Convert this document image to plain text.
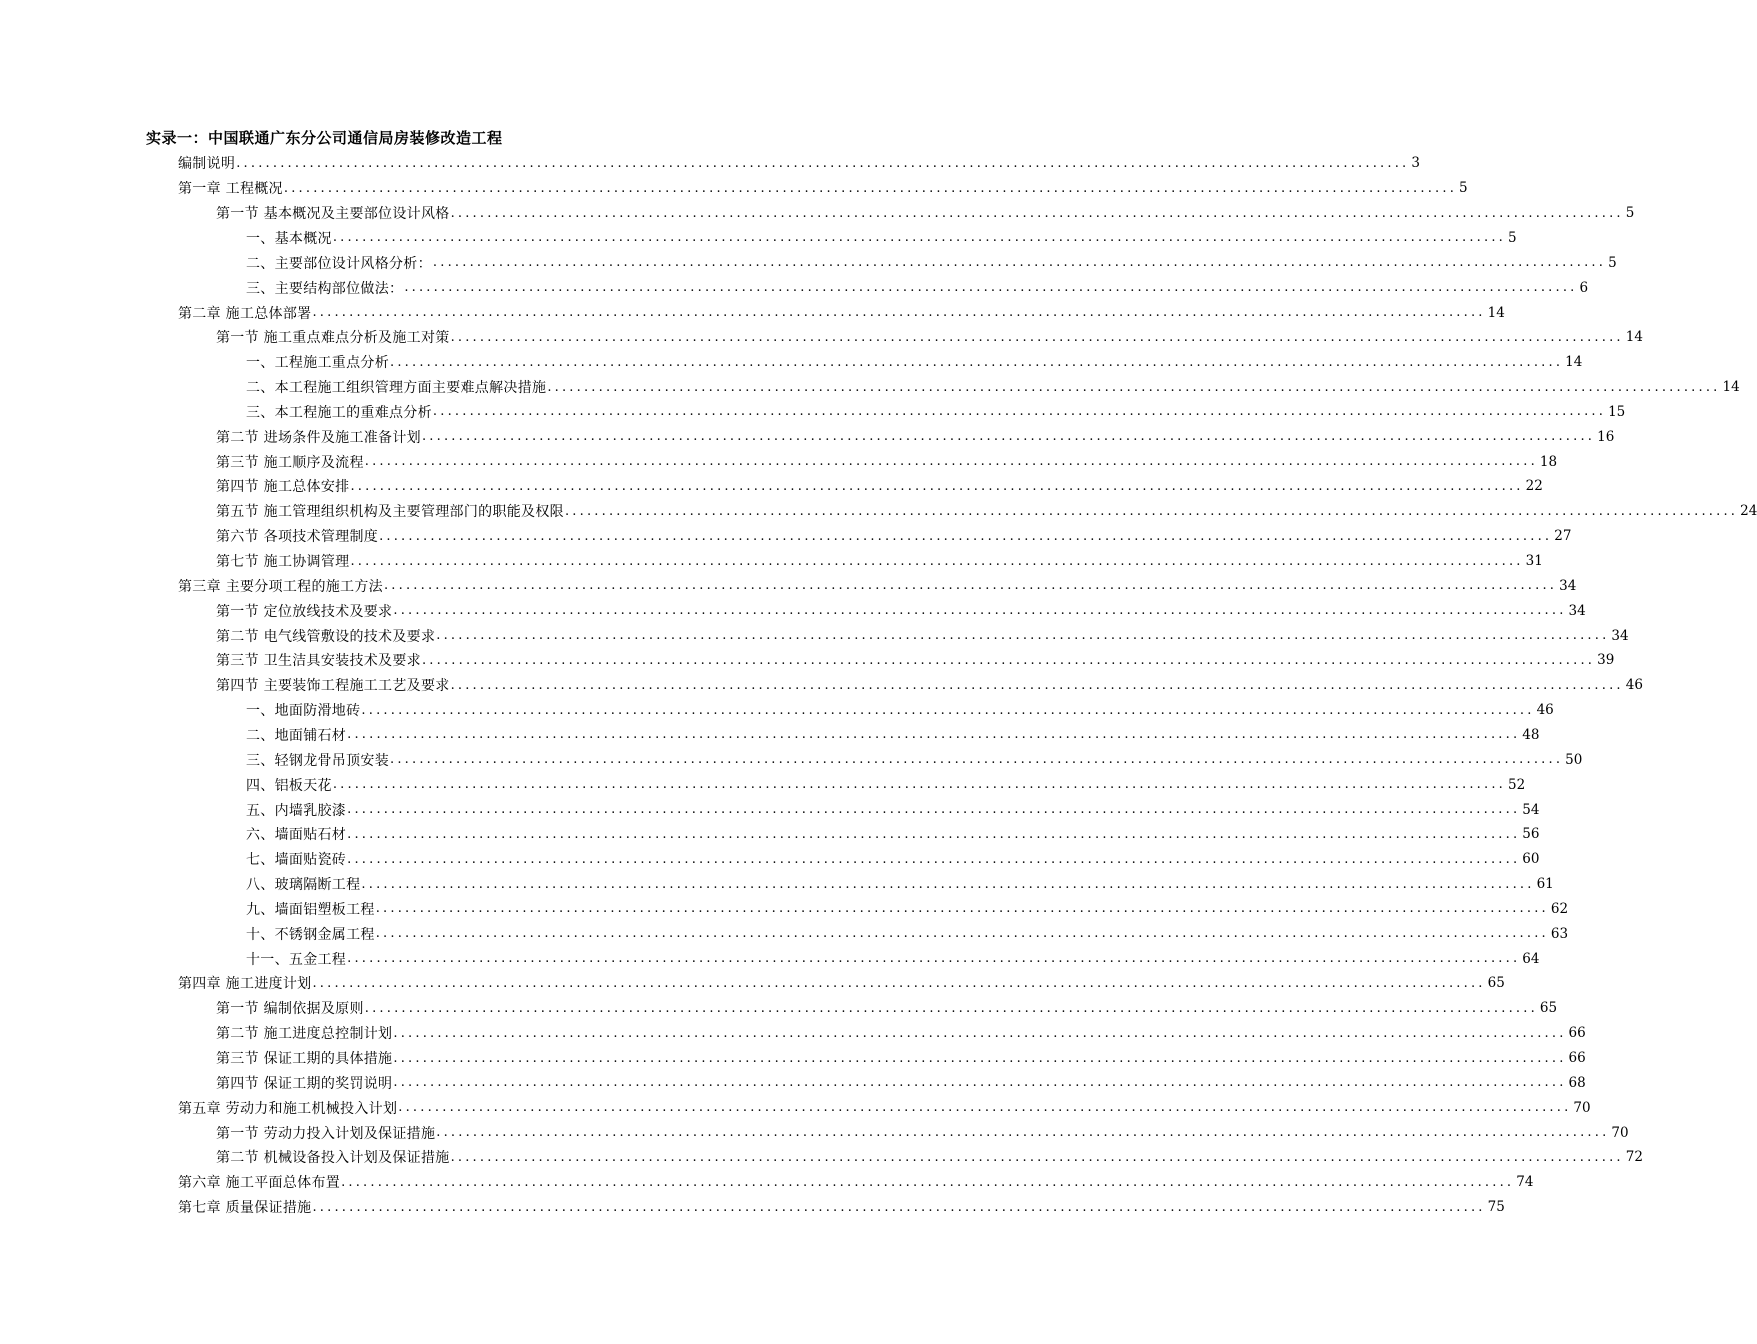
实录一：中国联通广东分公司通信局房装修改造工程
编制说明 ................................................................................................................................................................ 3
第一章 工程概况 ................................................................................................................................................................ 5
第一节 基本概况及主要部位设计风格 ................................................................................................................................................................ 5
一、基本概况 ................................................................................................................................................................ 5
二、主要部位设计风格分析： ................................................................................................................................................................ 5
三、主要结构部位做法： ................................................................................................................................................................ 6
第二章 施工总体部署 ................................................................................................................................................................ 14
第一节 施工重点难点分析及施工对策 ................................................................................................................................................................ 14
一、工程施工重点分析 ................................................................................................................................................................ 14
二、本工程施工组织管理方面主要难点解决措施 ................................................................................................................................................................ 14
三、本工程施工的重难点分析 ................................................................................................................................................................ 15
第二节 进场条件及施工准备计划 ................................................................................................................................................................ 16
第三节 施工顺序及流程 ................................................................................................................................................................ 18
第四节 施工总体安排 ................................................................................................................................................................ 22
第五节 施工管理组织机构及主要管理部门的职能及权限 ................................................................................................................................................................ 24
第六节 各项技术管理制度 ................................................................................................................................................................ 27
第七节 施工协调管理 ................................................................................................................................................................ 31
第三章 主要分项工程的施工方法 ................................................................................................................................................................ 34
第一节 定位放线技术及要求 ................................................................................................................................................................ 34
第二节 电气线管敷设的技术及要求 ................................................................................................................................................................ 34
第三节 卫生洁具安装技术及要求 ................................................................................................................................................................ 39
第四节 主要装饰工程施工工艺及要求 ................................................................................................................................................................ 46
一、地面防滑地砖 ................................................................................................................................................................ 46
二、地面铺石材 ................................................................................................................................................................ 48
三、轻钢龙骨吊顶安装 ................................................................................................................................................................ 50
四、铝板天花 ................................................................................................................................................................ 52
五、内墙乳胶漆 ................................................................................................................................................................ 54
六、墙面贴石材 ................................................................................................................................................................ 56
七、墙面贴瓷砖 ................................................................................................................................................................ 60
八、玻璃隔断工程 ................................................................................................................................................................ 61
九、墙面铝塑板工程 ................................................................................................................................................................ 62
十、不锈钢金属工程 ................................................................................................................................................................ 63
十一、五金工程 ................................................................................................................................................................ 64
第四章 施工进度计划 ................................................................................................................................................................ 65
第一节 编制依据及原则 ................................................................................................................................................................ 65
第二节 施工进度总控制计划 ................................................................................................................................................................ 66
第三节 保证工期的具体措施 ................................................................................................................................................................ 66
第四节 保证工期的奖罚说明 ................................................................................................................................................................ 68
第五章 劳动力和施工机械投入计划 ................................................................................................................................................................ 70
第一节 劳动力投入计划及保证措施 ................................................................................................................................................................ 70
第二节 机械设备投入计划及保证措施 ................................................................................................................................................................ 72
第六章 施工平面总体布置 ................................................................................................................................................................ 74
第七章 质量保证措施 ................................................................................................................................................................ 75
